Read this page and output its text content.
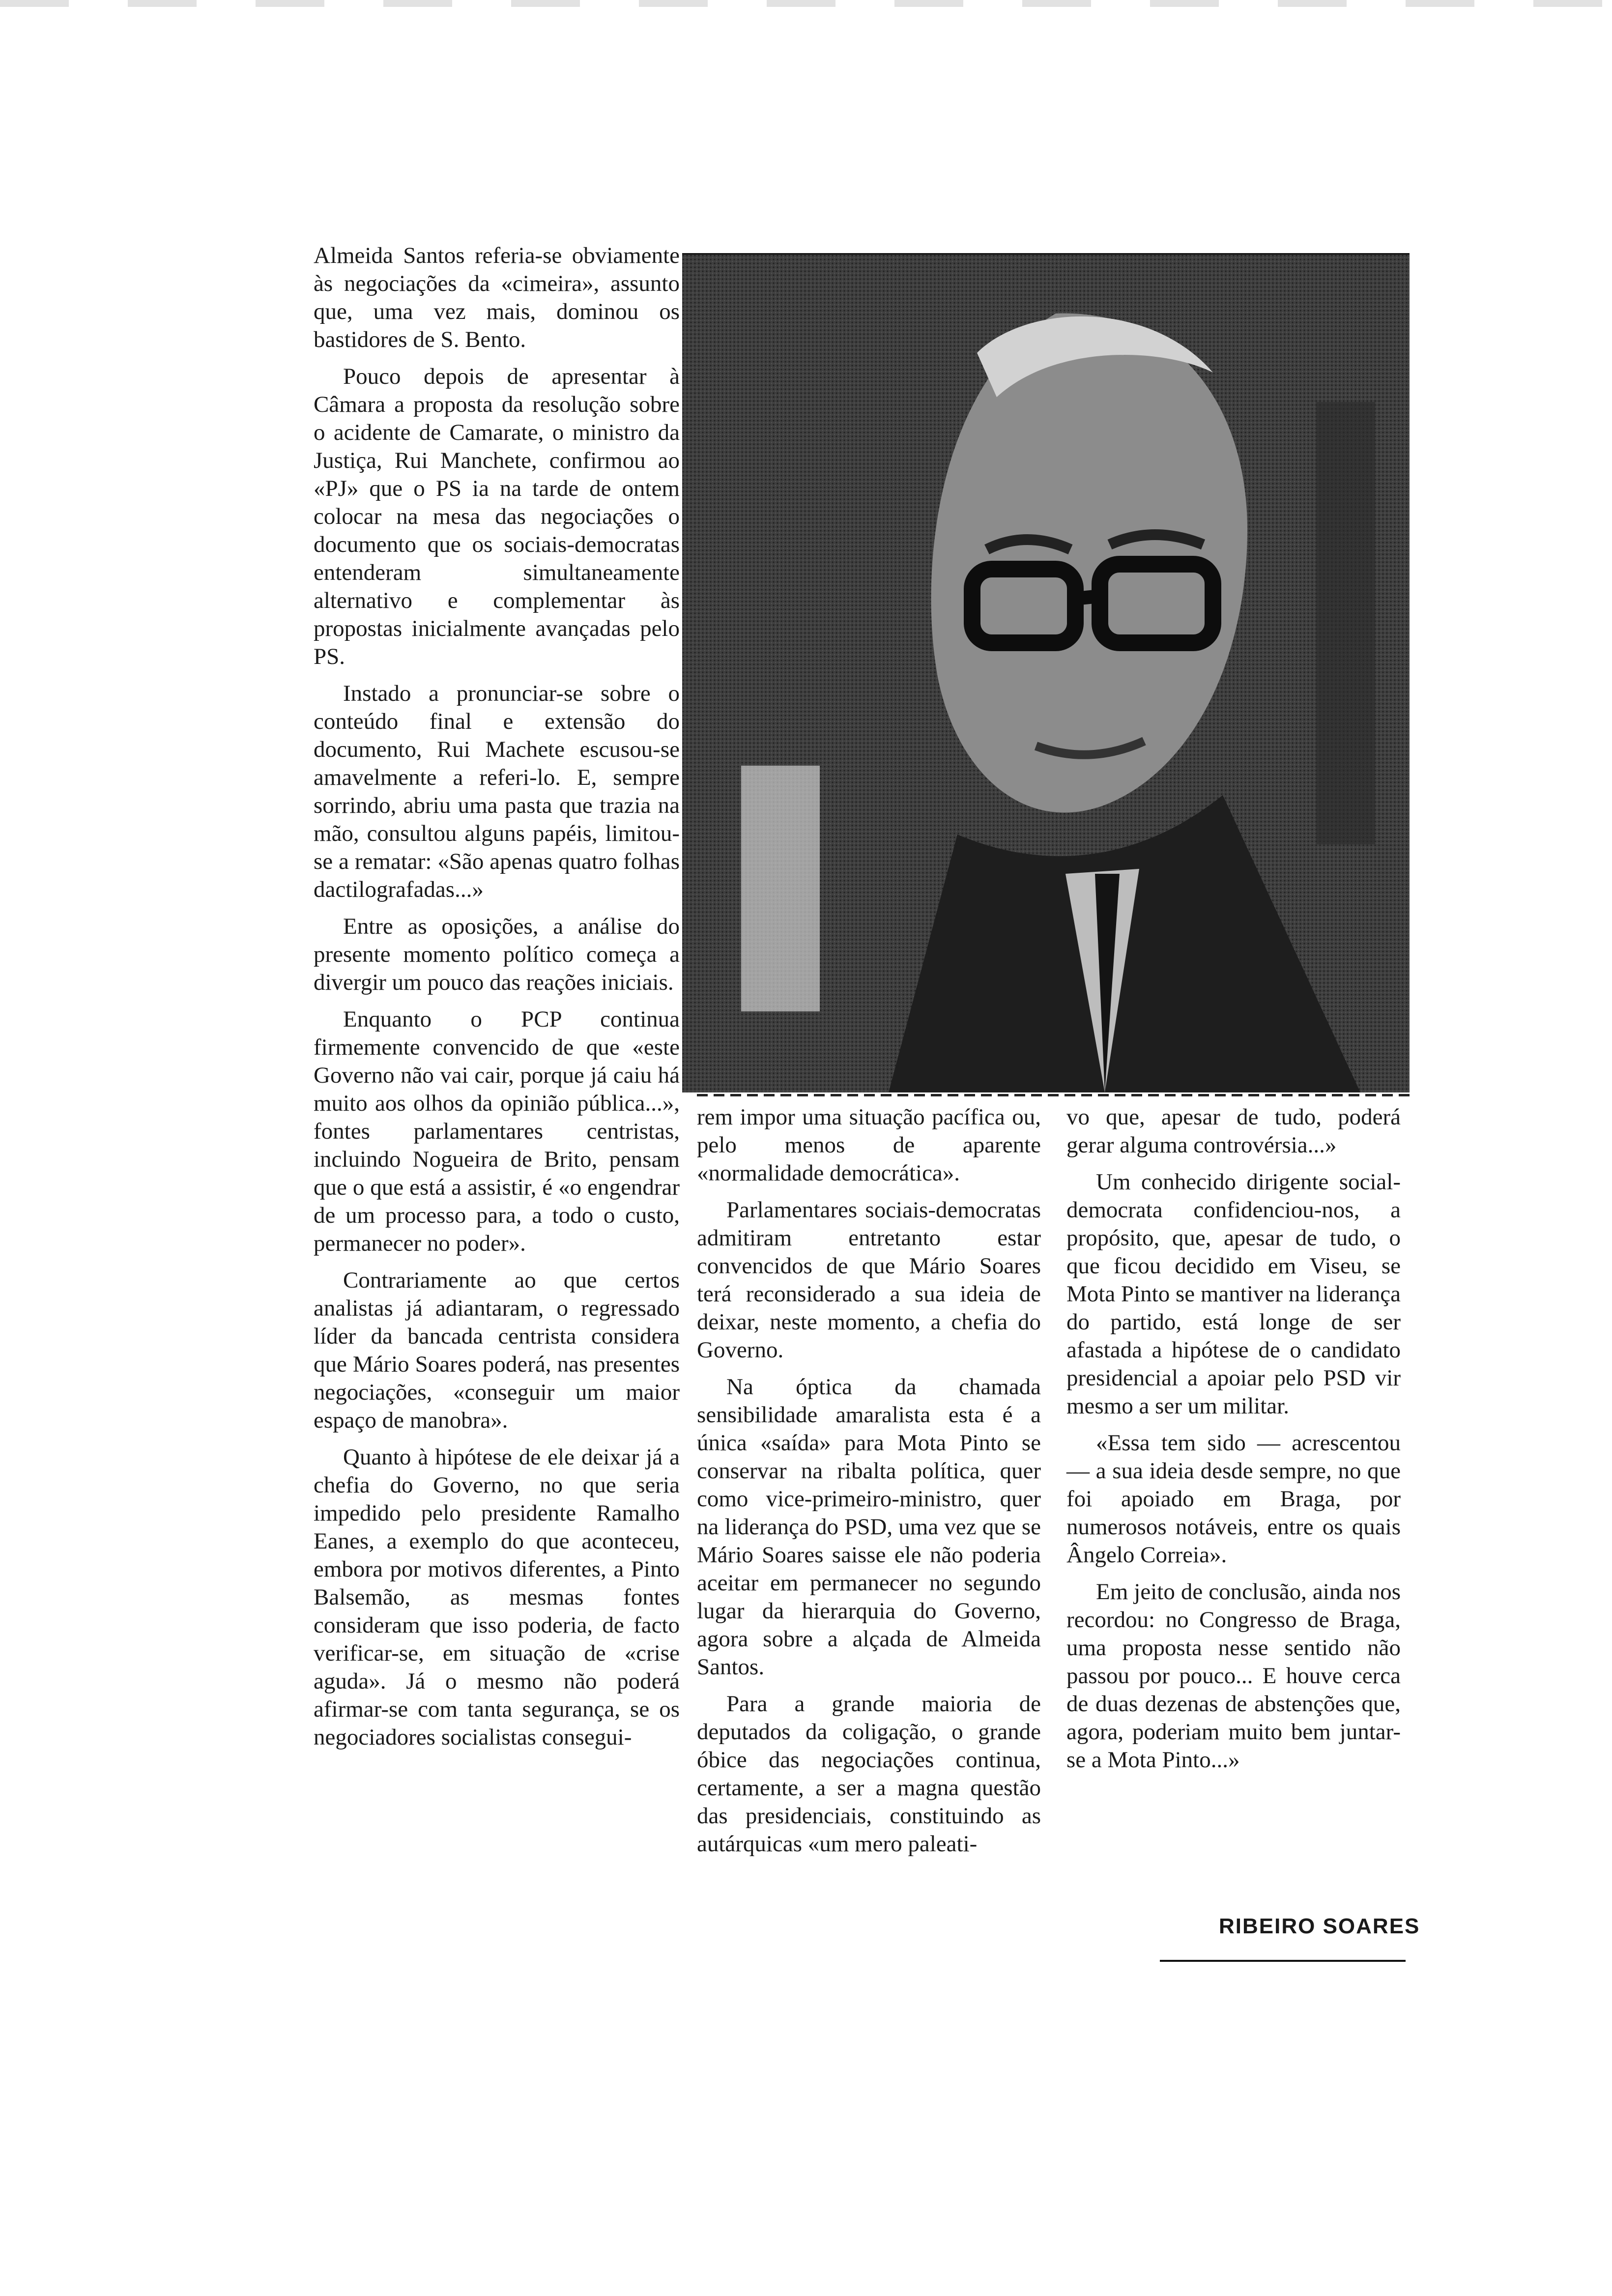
Almeida Santos referia-se obviamente às negociações da «cimeira», assunto que, uma vez mais, dominou os bastidores de S. Bento.

Pouco depois de apresentar à Câmara a proposta da resolução sobre o acidente de Camarate, o ministro da Justiça, Rui Manchete, confirmou ao «PJ» que o PS ia na tarde de ontem colocar na mesa das negociações o documento que os sociais-democratas entenderam simultaneamente alternativo e complementar às propostas inicialmente avançadas pelo PS.

Instado a pronunciar-se sobre o conteúdo final e extensão do documento, Rui Machete escusou-se amavelmente a referi-lo. E, sempre sorrindo, abriu uma pasta que trazia na mão, consultou alguns papéis, limitou-se a rematar: «São apenas quatro folhas dactilografadas...»

Entre as oposições, a análise do presente momento político começa a divergir um pouco das reações iniciais.

Enquanto o PCP continua firmemente convencido de que «este Governo não vai cair, porque já caiu há muito aos olhos da opinião pública...», fontes parlamentares centristas, incluindo Nogueira de Brito, pensam que o que está a assistir, é «o engendrar de um processo para, a todo o custo, permanecer no poder».

Contrariamente ao que certos analistas já adiantaram, o regressado líder da bancada centrista considera que Mário Soares poderá, nas presentes negociações, «conseguir um maior espaço de manobra».

Quanto à hipótese de ele deixar já a chefia do Governo, no que seria impedido pelo presidente Ramalho Eanes, a exemplo do que aconteceu, embora por motivos diferentes, a Pinto Balsemão, as mesmas fontes consideram que isso poderia, de facto verificar-se, em situação de «crise aguda». Já o mesmo não poderá afirmar-se com tanta segurança, se os negociadores socialistas consegui-

rem impor uma situação pacífica ou, pelo menos de aparente «normalidade democrática».

Parlamentares sociais-democratas admitiram entretanto estar convencidos de que Mário Soares terá reconsiderado a sua ideia de deixar, neste momento, a chefia do Governo.

Na óptica da chamada sensibilidade amaralista esta é a única «saída» para Mota Pinto se conservar na ribalta política, quer como vice-primeiro-ministro, quer na liderança do PSD, uma vez que se Mário Soares saisse ele não poderia aceitar em permanecer no segundo lugar da hierarquia do Governo, agora sobre a alçada de Almeida Santos.

Para a grande maioria de deputados da coligação, o grande óbice das negociações continua, certamente, a ser a magna questão das presidenciais, constituindo as autárquicas «um mero paleati-

vo que, apesar de tudo, poderá gerar alguma controvérsia...»

Um conhecido dirigente social-democrata confidenciou-nos, a propósito, que, apesar de tudo, o que ficou decidido em Viseu, se Mota Pinto se mantiver na liderança do partido, está longe de ser afastada a hipótese de o candidato presidencial a apoiar pelo PSD vir mesmo a ser um militar.

«Essa tem sido — acrescentou — a sua ideia desde sempre, no que foi apoiado em Braga, por numerosos notáveis, entre os quais Ângelo Correia».

Em jeito de conclusão, ainda nos recordou: no Congresso de Braga, uma proposta nesse sentido não passou por pouco... E houve cerca de duas dezenas de abstenções que, agora, poderiam muito bem juntar-se a Mota Pinto...»

RIBEIRO SOARES
